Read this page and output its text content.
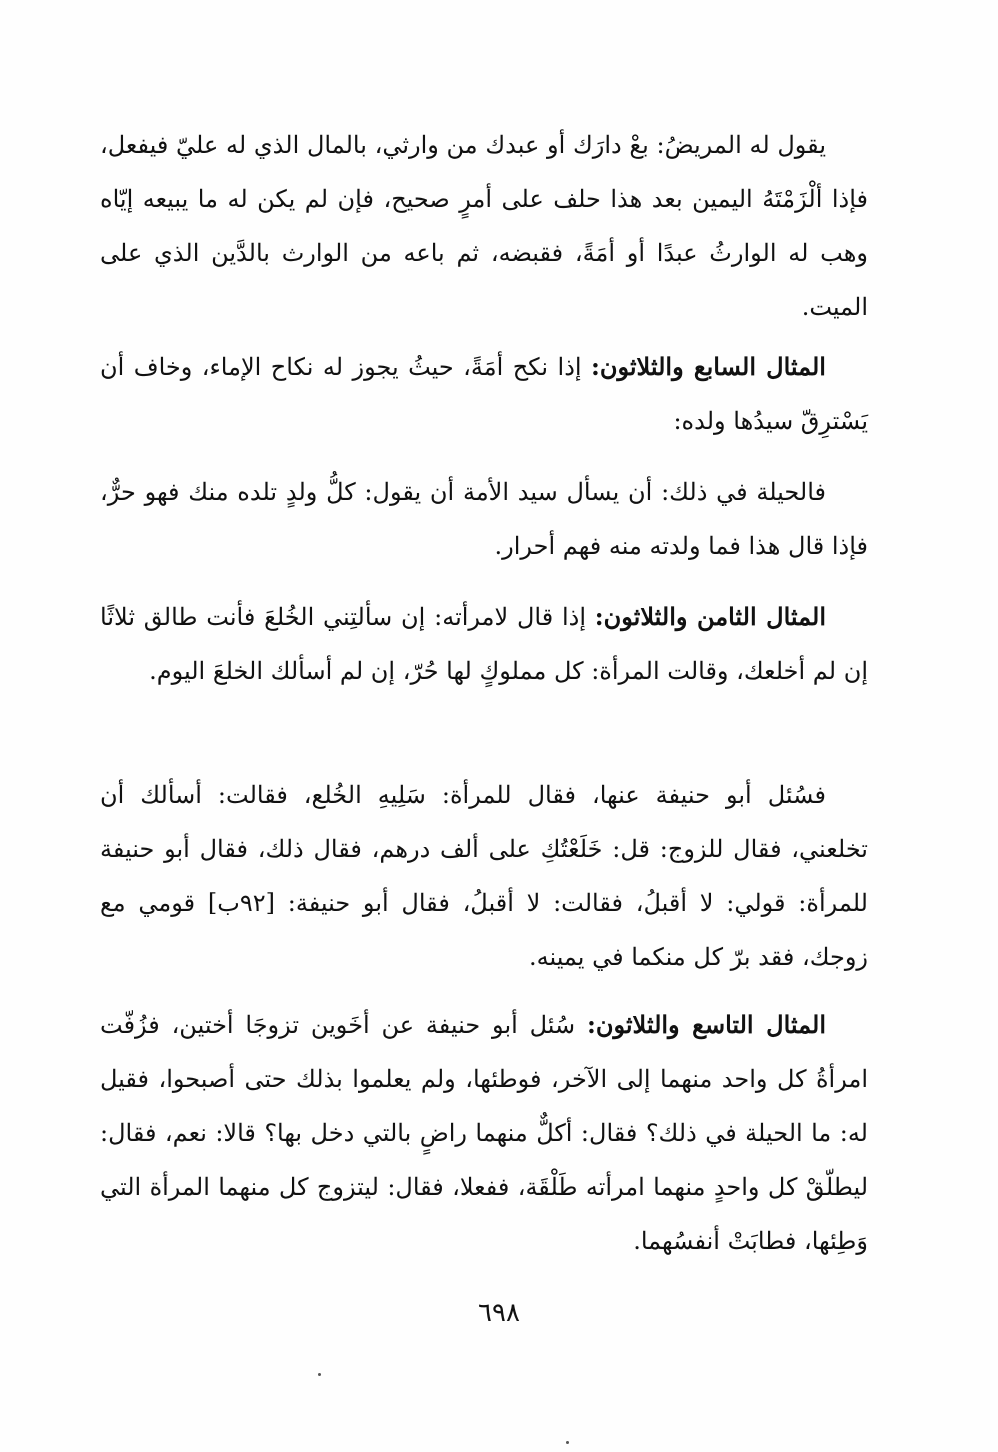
يقول له المريضُ: بعْ دارَك أو عبدك من وارثي، بالمال الذي له عليّ فيفعل، فإذا ألْزَمْتَهُ اليمين بعد هذا حلف على أمرٍ صحيح، فإن لم يكن له ما يبيعه إيّاه وهب له الوارثُ عبدًا أو أمَةً، فقبضه، ثم باعه من الوارث بالدَّين الذي على الميت.

المثال السابع والثلاثون: إذا نكح أمَةً، حيثُ يجوز له نكاح الإماء، وخاف أن يَسْترِقّ سيدُها ولده:

فالحيلة في ذلك: أن يسأل سيد الأمة أن يقول: كلُّ ولدٍ تلده منك فهو حرٌّ، فإذا قال هذا فما ولدته منه فهم أحرار.

المثال الثامن والثلاثون: إذا قال لامرأته: إن سألتِني الخُلعَ فأنت طالق ثلاثًا إن لم أخلعك، وقالت المرأة: كل مملوكٍ لها حُرّ، إن لم أسألك الخلعَ اليوم.

فسُئل أبو حنيفة عنها، فقال للمرأة: سَلِيهِ الخُلع، فقالت: أسألك أن تخلعني، فقال للزوج: قل: خَلَعْتُكِ على ألف درهم، فقال ذلك، فقال أبو حنيفة للمرأة: قولي: لا أقبلُ، فقالت: لا أقبلُ، فقال أبو حنيفة: [٩٢ب] قومي مع زوجك، فقد برّ كل منكما في يمينه.

المثال التاسع والثلاثون: سُئل أبو حنيفة عن أخَوين تزوجَا أختين، فزُفّت امرأةُ كل واحد منهما إلى الآخر، فوطئها، ولم يعلموا بذلك حتى أصبحوا، فقيل له: ما الحيلة في ذلك؟ فقال: أكلٌّ منهما راضٍ بالتي دخل بها؟ قالا: نعم، فقال: ليطلّقْ كل واحدٍ منهما امرأته طَلْقَة، ففعلا، فقال: ليتزوج كل منهما المرأة التي وَطِئها، فطابَتْ أنفسُهما.

٦٩٨
